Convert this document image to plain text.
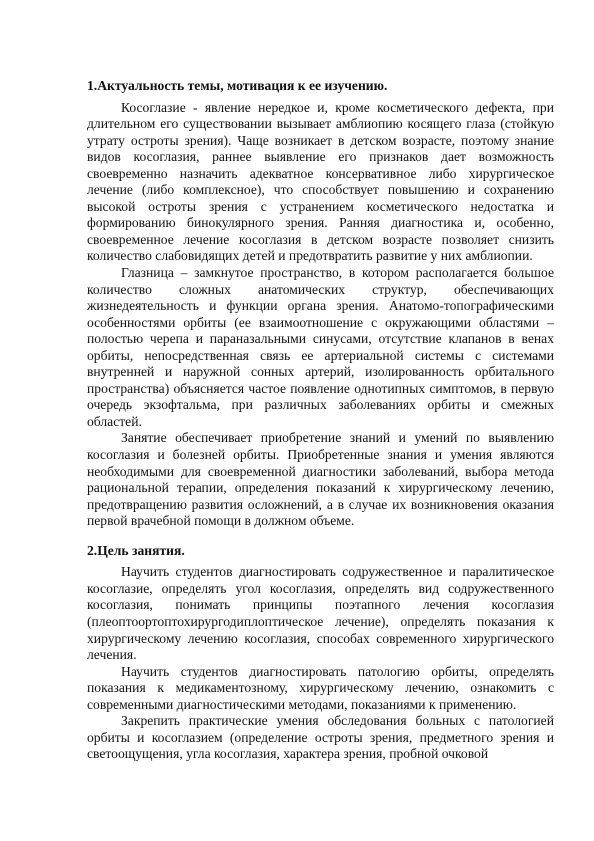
1.Актуальность темы, мотивация к ее изучению.

Косоглазие - явление нередкое и, кроме косметического дефекта, при длительном его существовании вызывает амблиопию косящего глаза (стойкую утрату остроты зрения). Чаще возникает в детском возрасте, поэтому знание видов косоглазия, раннее выявление его признаков дает возможность своевременно назначить адекватное консервативное либо хирургическое лечение (либо комплексное), что способствует повышению и сохранению высокой остроты зрения с устранением косметического недостатка и формированию бинокулярного зрения. Ранняя диагностика и, особенно, своевременное лечение косоглазия в детском возрасте позволяет снизить количество слабовидящих детей и предотвратить развитие у них амблиопии.

Глазница – замкнутое пространство, в котором располагается большое количество сложных анатомических структур, обеспечивающих жизнедеятельность и функции органа зрения. Анатомо-топографическими особенностями орбиты (ее взаимоотношение с окружающими областями – полостью черепа и параназальными синусами, отсутствие клапанов в венах орбиты, непосредственная связь ее артериальной системы с системами внутренней и наружной сонных артерий, изолированность орбитального пространства) объясняется частое появление однотипных симптомов, в первую очередь экзофтальма, при различных заболеваниях орбиты и смежных областей.

Занятие обеспечивает приобретение знаний и умений по выявлению косоглазия и болезней орбиты. Приобретенные знания и умения являются необходимыми для своевременной диагностики заболеваний, выбора метода рациональной терапии, определения показаний к хирургическому лечению, предотвращению развития осложнений, а в случае их возникновения оказания первой врачебной помощи в должном объеме.

2.Цель занятия.

Научить студентов диагностировать содружественное и паралитическое косоглазие, определять угол косоглазия, определять вид содружественного косоглазия, понимать принципы поэтапного лечения косоглазия (плеоптоортоптохирургодиплоптическое лечение), определять показания к хирургическому лечению косоглазия, способах современного хирургического лечения.

Научить студентов диагностировать патологию орбиты, определять показания к медикаментозному, хирургическому лечению, ознакомить с современными диагностическими методами, показаниями к применению.

Закрепить практические умения обследования больных с патологией орбиты и косоглазием (определение остроты зрения, предметного зрения и светоощущения, угла косоглазия, характера зрения, пробной очковой
